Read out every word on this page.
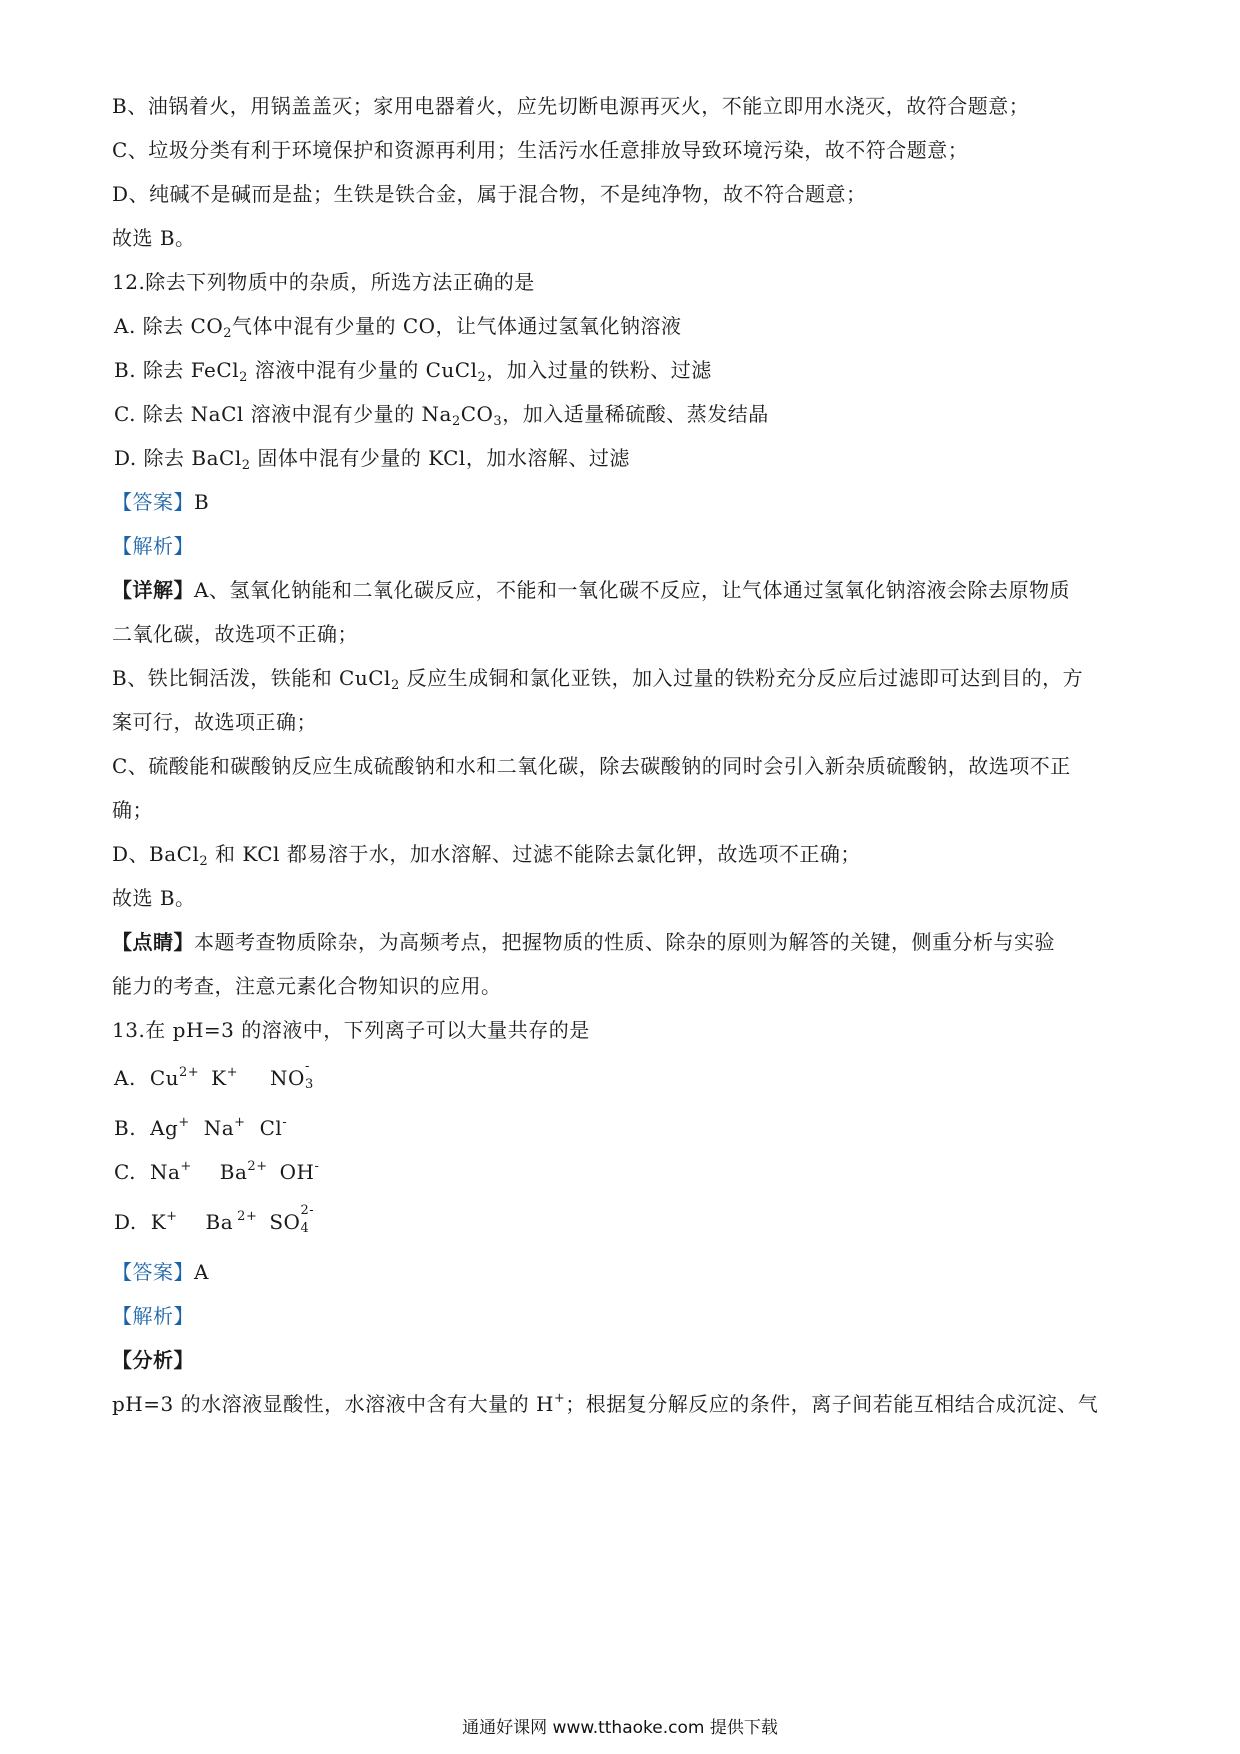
B、油锅着火，用锅盖盖灭；家用电器着火，应先切断电源再灭火，不能立即用水浇灭，故符合题意；
C、垃圾分类有利于环境保护和资源再利用；生活污水任意排放导致环境污染，故不符合题意；
D、纯碱不是碱而是盐；生铁是铁合金，属于混合物，不是纯净物，故不符合题意；
故选 B。
12.除去下列物质中的杂质，所选方法正确的是
A. 除去 $CO_2$气体中混有少量的 CO，让气体通过氢氧化钠溶液
B. 除去 FeCl$_2$ 溶液中混有少量的 CuCl$_2$，加入过量的铁粉、过滤
C. 除去 NaCl 溶液中混有少量的 $Na_2CO_3$，加入适量稀硫酸、蒸发结晶
D. 除去 BaCl$_2$ 固体中混有少量的 KCl，加水溶解、过滤
【答案】B
【解析】
【详解】A、氢氧化钠能和二氧化碳反应，不能和一氧化碳不反应，让气体通过氢氧化钠溶液会除去原物质
二氧化碳，故选项不正确；
B、铁比铜活泼，铁能和 CuCl$_2$ 反应生成铜和氯化亚铁，加入过量的铁粉充分反应后过滤即可达到目的，方
案可行，故选项正确；
C、硫酸能和碳酸钠反应生成硫酸钠和水和二氧化碳，除去碳酸钠的同时会引入新杂质硫酸钠，故选项不正
确；
D、BaCl$_2$ 和 KCl 都易溶于水，加水溶解、过滤不能除去氯化钾，故选项不正确；
故选 B。
【点睛】本题考查物质除杂，为高频考点，把握物质的性质、除杂的原则为解答的关键，侧重分析与实验
能力的考查，注意元素化合物知识的应用。
13.在 pH=3 的溶液中，下列离子可以大量共存的是
A. $Cu^{2+}$ K+ NO -
3
B. Ag+ Na+ Cl-
C. Na+ $Ba^{2+}$ OH-
D. K+ Ba $^{2+}$ SO 2-
4
【答案】A
【解析】
【分析】
pH=3 的水溶液显酸性，水溶液中含有大量的 H+；根据复分解反应的条件，离子间若能互相结合成沉淀、气
通通好课网 www.tthaoke.com 提供下载
